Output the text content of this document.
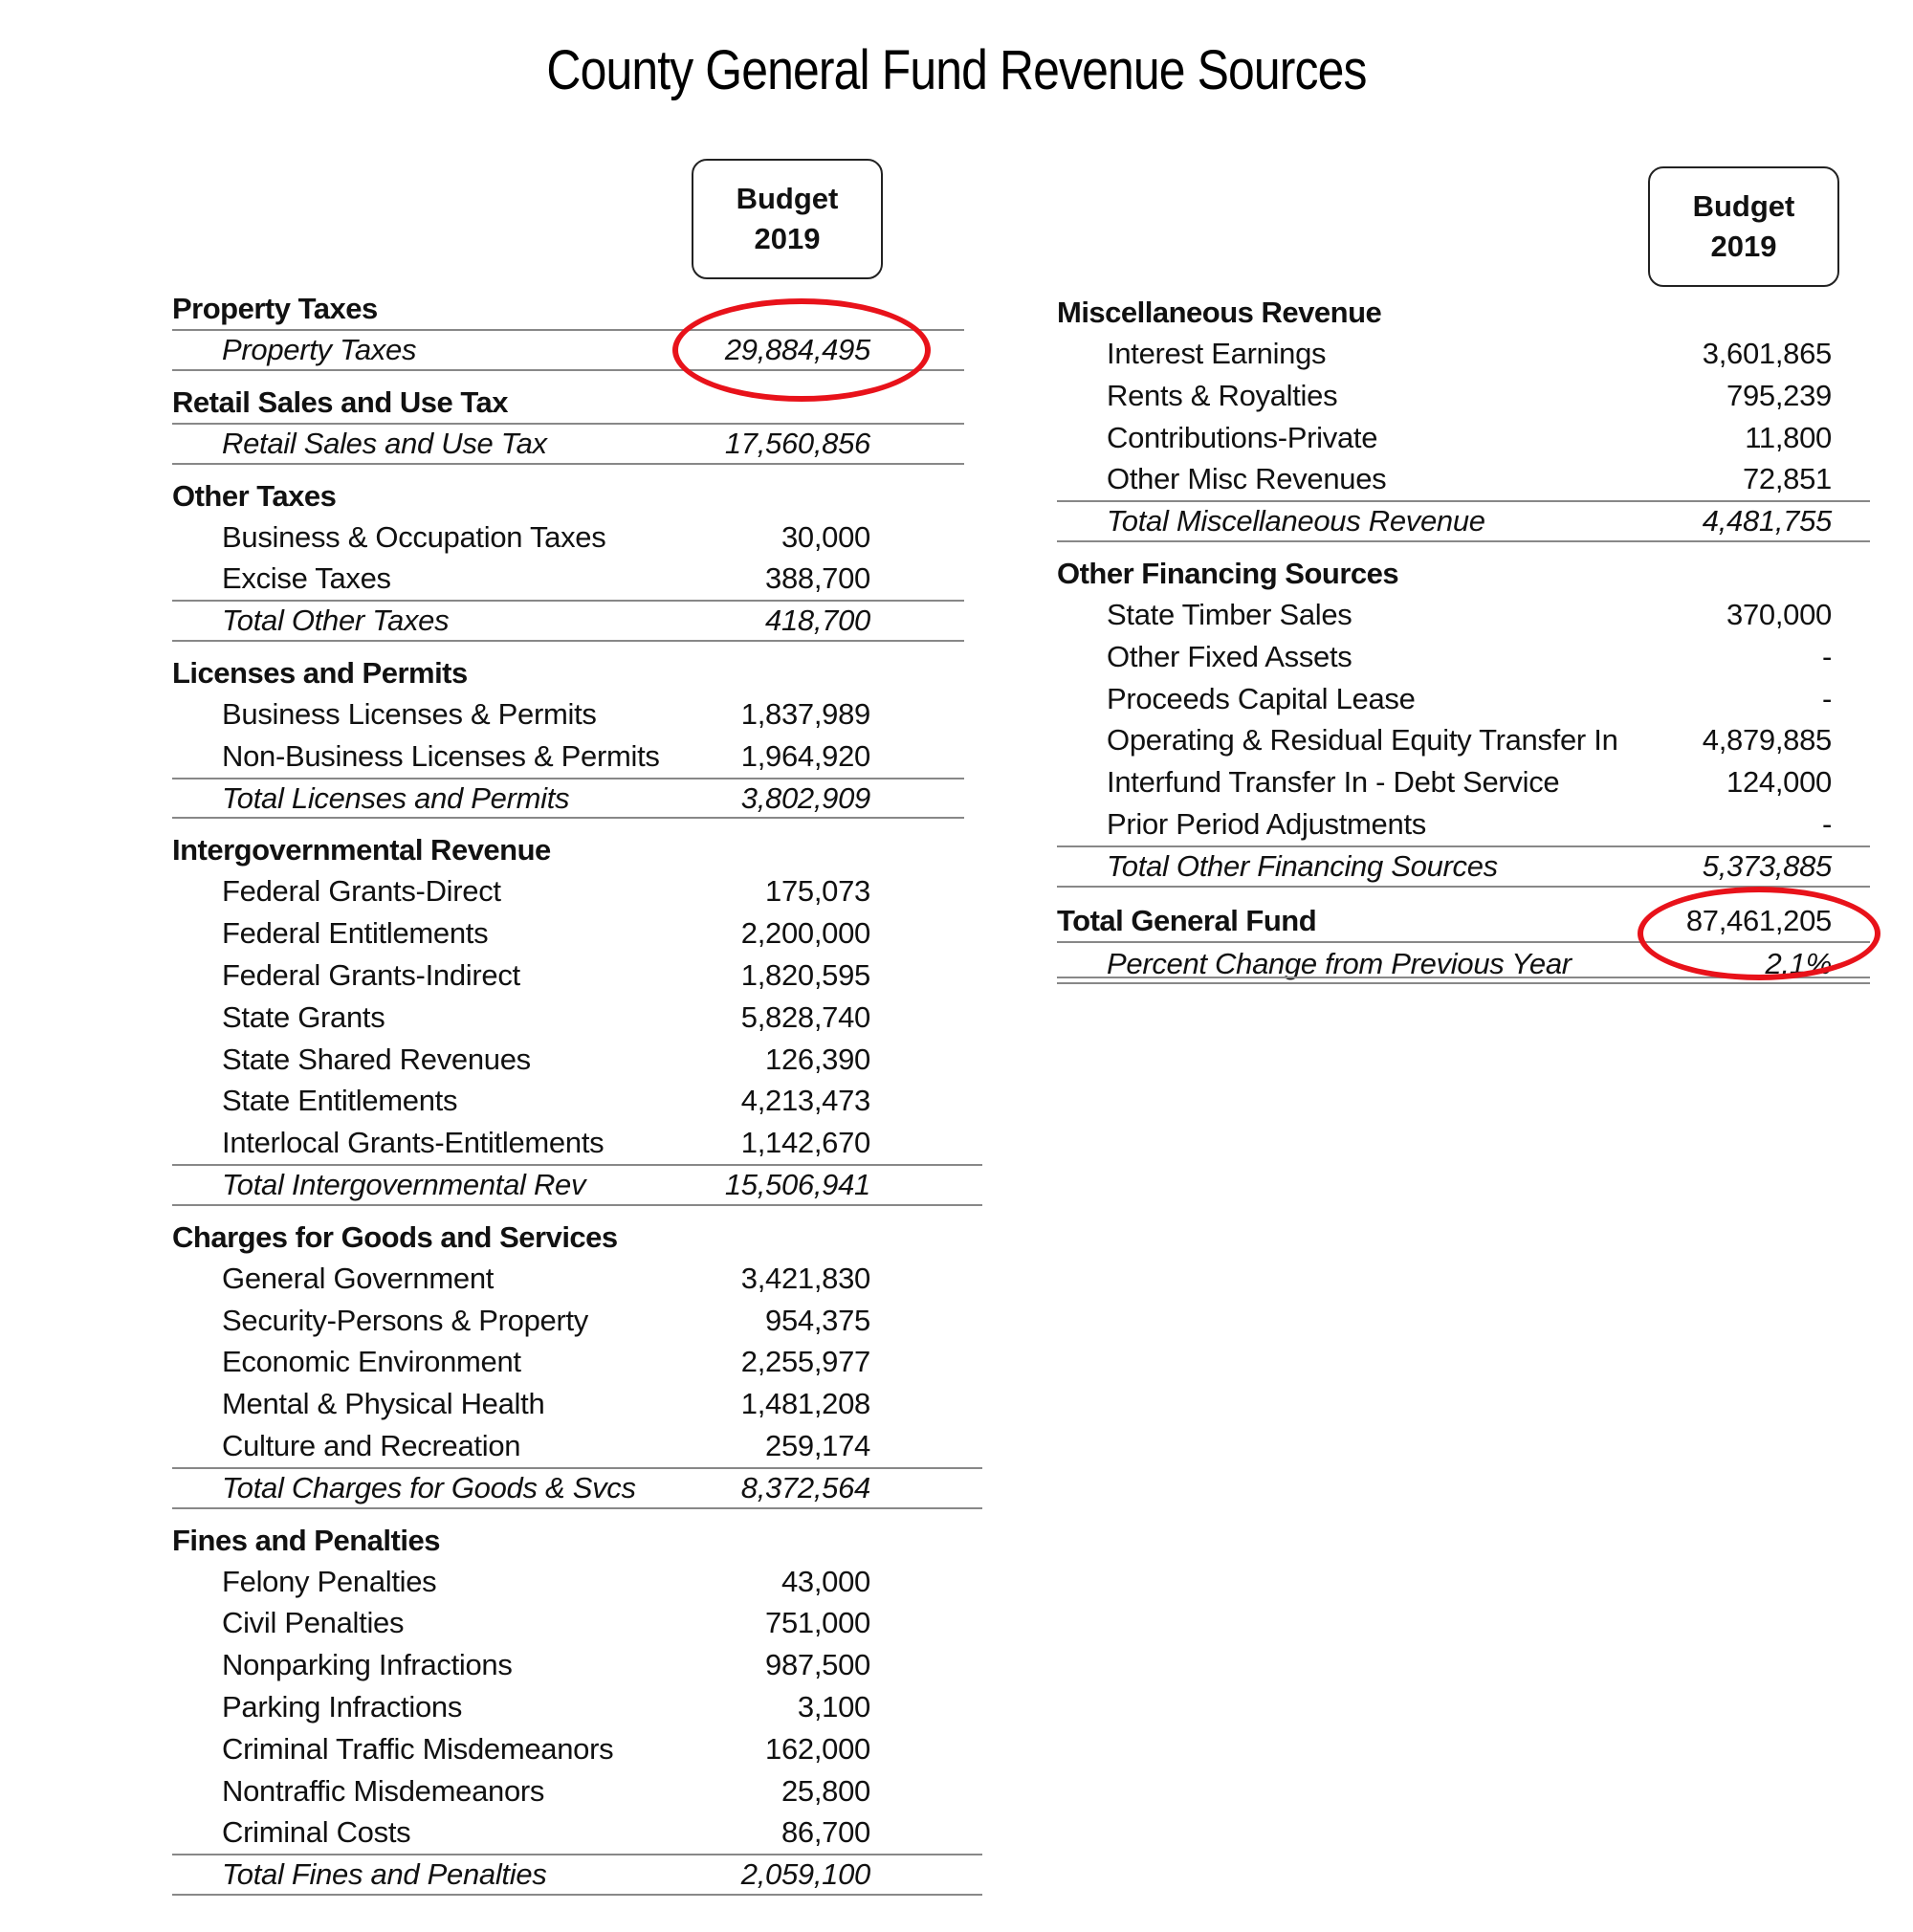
County General Fund Revenue Sources
Budget
2019
Budget
2019
Property Taxes
Property Taxes	29,884,495
Retail Sales and Use Tax
Retail Sales and Use Tax	17,560,856
Other Taxes
Business & Occupation Taxes	30,000
Excise Taxes	388,700
Total Other Taxes	418,700
Licenses and Permits
Business Licenses & Permits	1,837,989
Non-Business Licenses & Permits	1,964,920
Total Licenses and Permits	3,802,909
Intergovernmental Revenue
Federal Grants-Direct	175,073
Federal Entitlements	2,200,000
Federal Grants-Indirect	1,820,595
State Grants	5,828,740
State Shared Revenues	126,390
State Entitlements	4,213,473
Interlocal Grants-Entitlements	1,142,670
Total Intergovernmental Rev	15,506,941
Charges for Goods and Services
General Government	3,421,830
Security-Persons & Property	954,375
Economic Environment	2,255,977
Mental & Physical Health	1,481,208
Culture and Recreation	259,174
Total Charges for Goods & Svcs	8,372,564
Fines and Penalties
Felony Penalties	43,000
Civil Penalties	751,000
Nonparking Infractions	987,500
Parking Infractions	3,100
Criminal Traffic Misdemeanors	162,000
Nontraffic Misdemeanors	25,800
Criminal Costs	86,700
Total Fines and Penalties	2,059,100
Miscellaneous Revenue
Interest Earnings	3,601,865
Rents & Royalties	795,239
Contributions-Private	11,800
Other Misc Revenues	72,851
Total Miscellaneous Revenue	4,481,755
Other Financing Sources
State Timber Sales	370,000
Other Fixed Assets	-
Proceeds Capital Lease	-
Operating & Residual Equity Transfer In	4,879,885
Interfund Transfer In - Debt Service	124,000
Prior Period Adjustments	-
Total Other Financing Sources	5,373,885
Total General Fund	87,461,205
Percent Change from Previous Year	2.1%
